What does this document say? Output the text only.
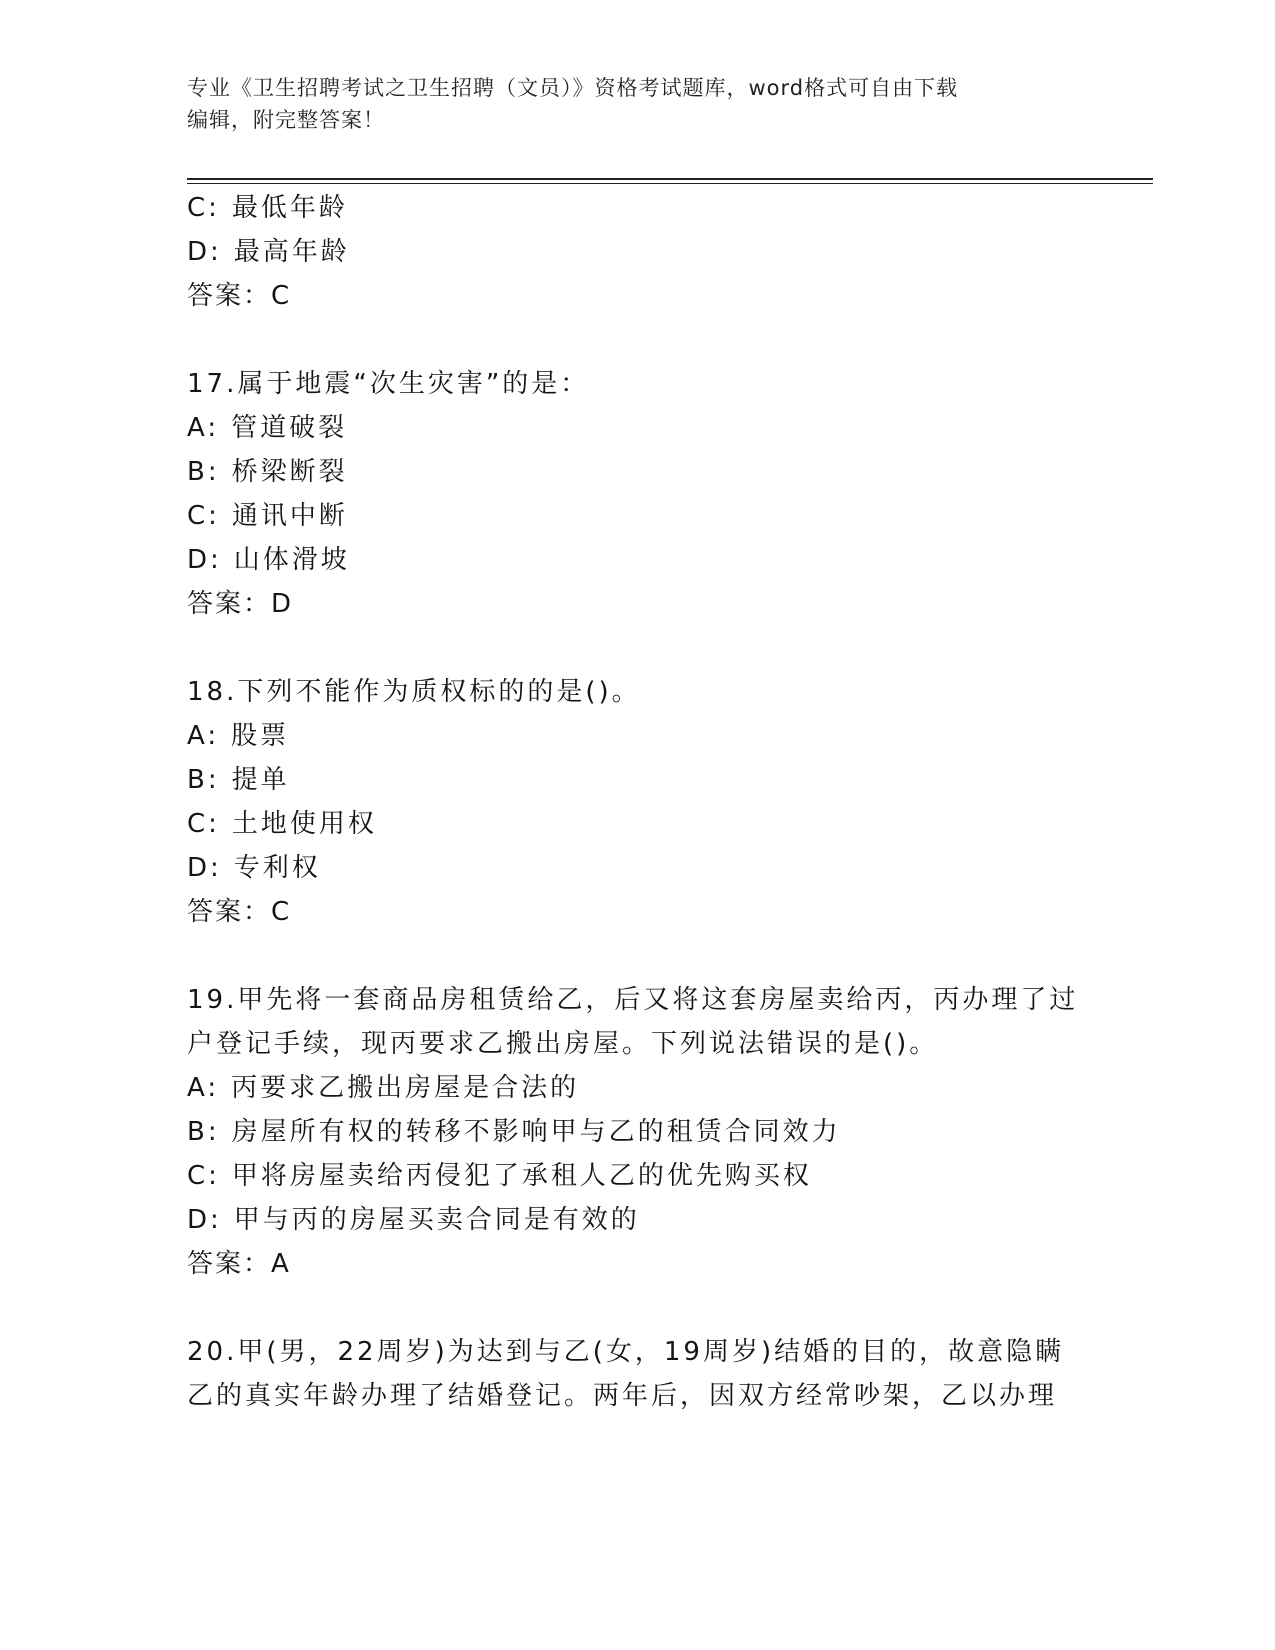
专业《卫生招聘考试之卫生招聘（文员）》资格考试题库，word格式可自由下载
编辑，附完整答案！
C: 最低年龄
D: 最高年龄
答案：C
17.属于地震“次生灾害”的是：
A: 管道破裂
B: 桥梁断裂
C: 通讯中断
D: 山体滑坡
答案：D
18.下列不能作为质权标的的是()。
A: 股票
B: 提单
C: 土地使用权
D: 专利权
答案：C
19.甲先将一套商品房租赁给乙，后又将这套房屋卖给丙，丙办理了过
户登记手续，现丙要求乙搬出房屋。下列说法错误的是()。
A: 丙要求乙搬出房屋是合法的
B: 房屋所有权的转移不影响甲与乙的租赁合同效力
C: 甲将房屋卖给丙侵犯了承租人乙的优先购买权
D: 甲与丙的房屋买卖合同是有效的
答案：A
20.甲(男，22周岁)为达到与乙(女，19周岁)结婚的目的，故意隐瞒
乙的真实年龄办理了结婚登记。两年后，因双方经常吵架，乙以办理
